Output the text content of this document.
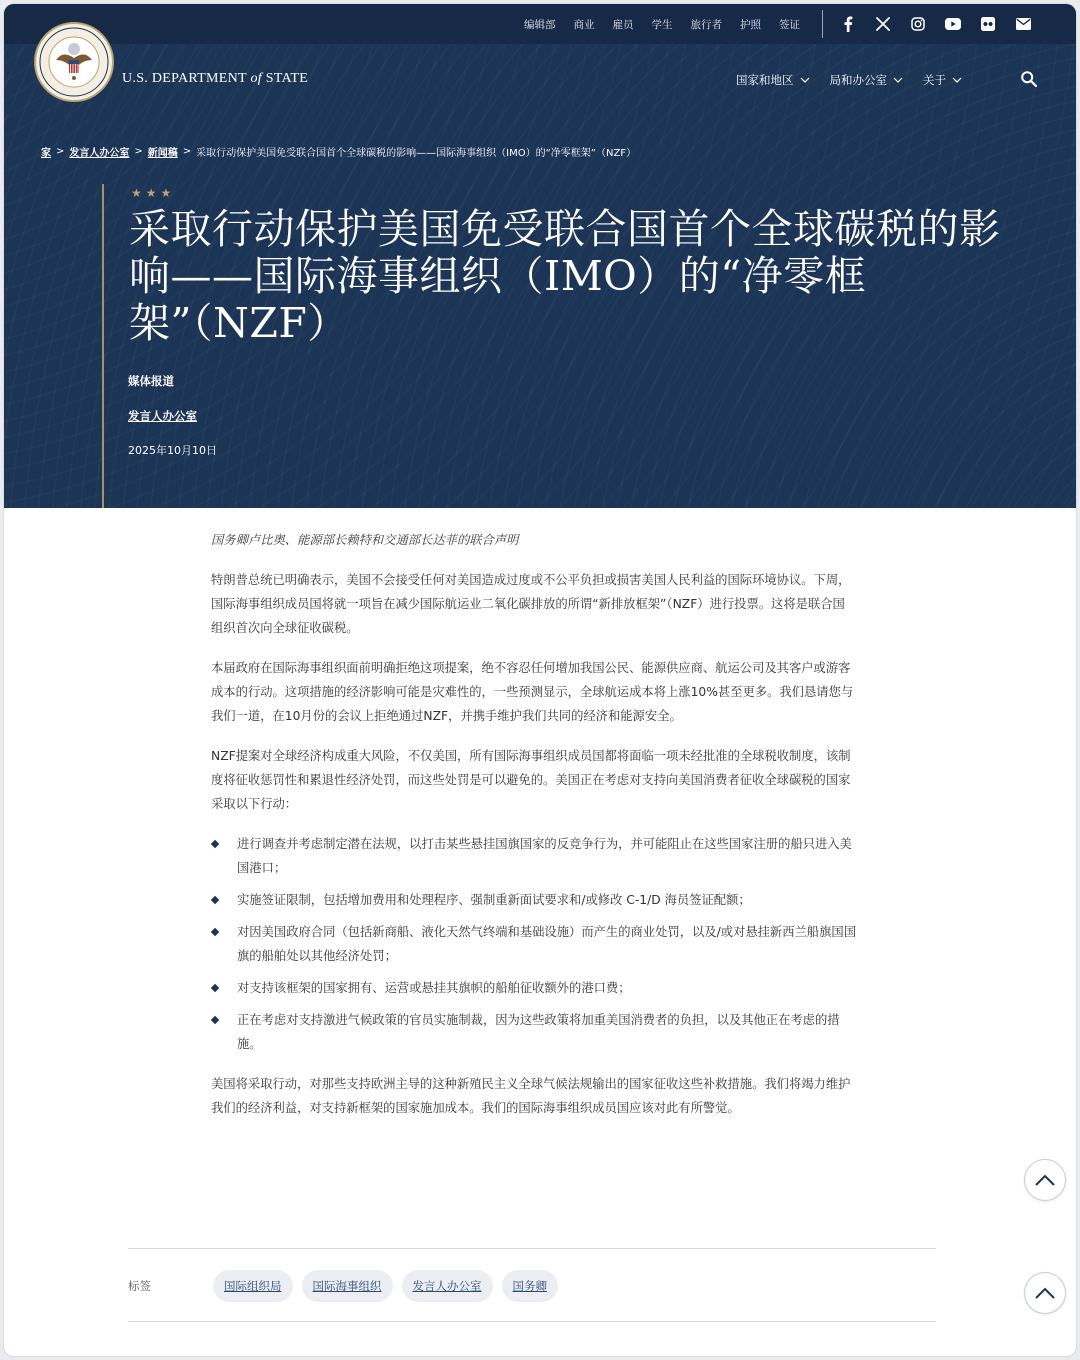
编辑部 商业 雇员 学生 旅行者 护照 签证
U.S. DEPARTMENT of STATE	国家和地区	局和办公室	关于
家 > 发言人办公室 > 新闻稿 > 采取行动保护美国免受联合国首个全球碳税的影响——国际海事组织（IMO）的“净零框架”（NZF）
★★★
采取行动保护美国免受联合国首个全球碳税的影响——国际海事组织（IMO）的“净零框架”（NZF）
媒体报道
发言人办公室
2025年10月10日

国务卿卢比奥、能源部长赖特和交通部长达菲的联合声明

特朗普总统已明确表示，美国不会接受任何对美国造成过度或不公平负担或损害美国人民利益的国际环境协议。下周，国际海事组织成员国将就一项旨在减少国际航运业二氧化碳排放的所谓“新排放框架”（NZF）进行投票。这将是联合国组织首次向全球征收碳税。

本届政府在国际海事组织面前明确拒绝这项提案，绝不容忍任何增加我国公民、能源供应商、航运公司及其客户或游客成本的行动。这项措施的经济影响可能是灾难性的，一些预测显示，全球航运成本将上涨10%甚至更多。我们恳请您与我们一道，在10月份的会议上拒绝通过NZF，并携手维护我们共同的经济和能源安全。

NZF提案对全球经济构成重大风险，不仅美国，所有国际海事组织成员国都将面临一项未经批准的全球税收制度，该制度将征收惩罚性和累退性经济处罚，而这些处罚是可以避免的。美国正在考虑对支持向美国消费者征收全球碳税的国家采取以下行动：

进行调查并考虑制定潜在法规，以打击某些悬挂国旗国家的反竞争行为，并可能阻止在这些国家注册的船只进入美国港口；
实施签证限制，包括增加费用和处理程序、强制重新面试要求和/或修改 C-1/D 海员签证配额；
对因美国政府合同（包括新商船、液化天然气终端和基础设施）而产生的商业处罚，以及/或对悬挂新西兰船旗国国旗的船舶处以其他经济处罚；
对支持该框架的国家拥有、运营或悬挂其旗帜的船舶征收额外的港口费；
正在考虑对支持激进气候政策的官员实施制裁，因为这些政策将加重美国消费者的负担，以及其他正在考虑的措施。

美国将采取行动，对那些支持欧洲主导的这种新殖民主义全球气候法规输出的国家征收这些补救措施。我们将竭力维护我们的经济利益，对支持新框架的国家施加成本。我们的国际海事组织成员国应该对此有所警觉。

标签	国际组织局	国际海事组织	发言人办公室	国务卿
